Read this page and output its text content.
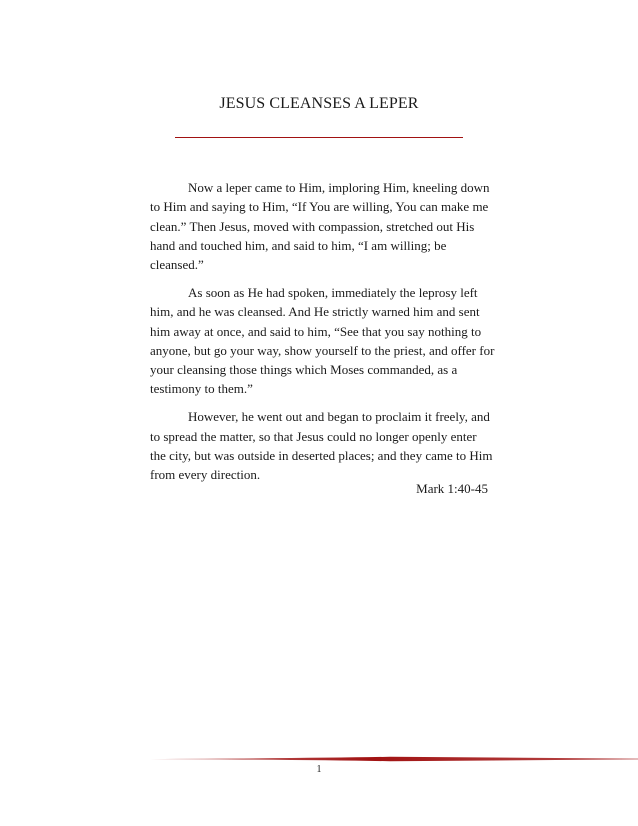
JESUS CLEANSES A LEPER

Now a leper came to Him, imploring Him, kneeling down to Him and saying to Him, “If You are willing, You can make me clean.” Then Jesus, moved with compassion, stretched out His hand and touched him, and said to him, “I am willing; be cleansed.”

As soon as He had spoken, immediately the leprosy left him, and he was cleansed. And He strictly warned him and sent him away at once, and said to him, “See that you say nothing to anyone, but go your way, show yourself to the priest, and offer for your cleansing those things which Moses commanded, as a testimony to them.”

However, he went out and began to proclaim it freely, and to spread the matter, so that Jesus could no longer openly enter the city, but was outside in deserted places; and they came to Him from every direction.

Mark 1:40-45

1
